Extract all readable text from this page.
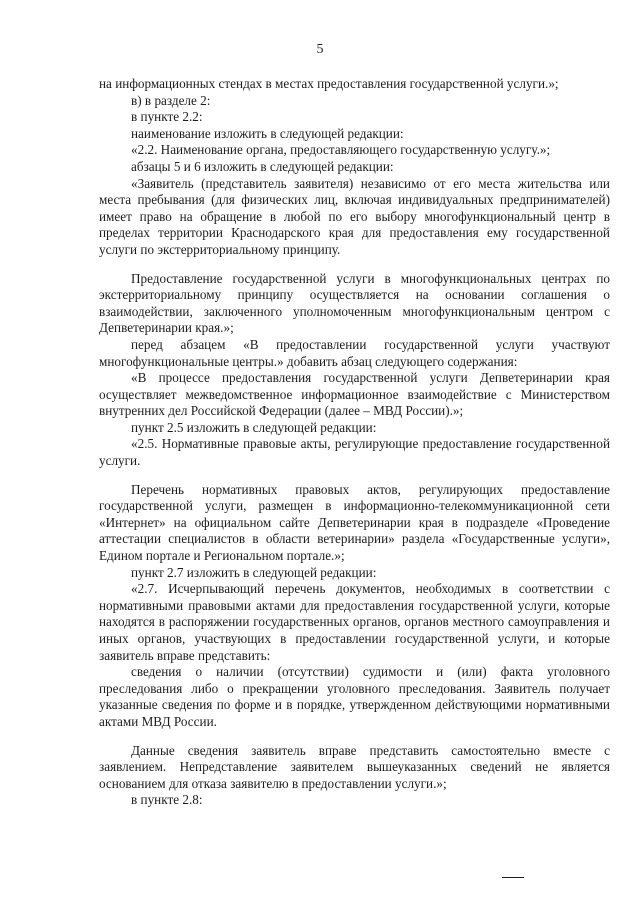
5

на информационных стендах в местах предоставления государственной услуги.»;

в) в разделе 2:

в пункте 2.2:

наименование изложить в следующей редакции:

«2.2. Наименование органа, предоставляющего государственную услугу.»;

абзацы 5 и 6 изложить в следующей редакции:

«Заявитель (представитель заявителя) независимо от его места жительства или места пребывания (для физических лиц, включая индивидуальных предпринимателей) имеет право на обращение в любой по его выбору многофункциональный центр в пределах территории Краснодарского края для предоставления ему государственной услуги по экстерриториальному принципу.

Предоставление государственной услуги в многофункциональных центрах по экстерриториальному принципу осуществляется на основании соглашения о взаимодействии, заключенного уполномоченным многофункциональным центром с Депветеринарии края.»;

перед абзацем «В предоставлении государственной услуги участвуют многофункциональные центры.» добавить абзац следующего содержания:

«В процессе предоставления государственной услуги Депветеринарии края осуществляет межведомственное информационное взаимодействие с Министерством внутренних дел Российской Федерации (далее – МВД России).»;

пункт 2.5 изложить в следующей редакции:

«2.5. Нормативные правовые акты, регулирующие предоставление государственной услуги.

Перечень нормативных правовых актов, регулирующих предоставление государственной услуги, размещен в информационно-телекоммуникационной сети «Интернет» на официальном сайте Депветеринарии края в подразделе «Проведение аттестации специалистов в области ветеринарии» раздела «Государственные услуги», Едином портале и Региональном портале.»;

пункт 2.7 изложить в следующей редакции:

«2.7. Исчерпывающий перечень документов, необходимых в соответствии с нормативными правовыми актами для предоставления государственной услуги, которые находятся в распоряжении государственных органов, органов местного самоуправления и иных органов, участвующих в предоставлении государственной услуги, и которые заявитель вправе представить:

сведения о наличии (отсутствии) судимости и (или) факта уголовного преследования либо о прекращении уголовного преследования. Заявитель получает указанные сведения по форме и в порядке, утвержденном действующими нормативными актами МВД России.

Данные сведения заявитель вправе представить самостоятельно вместе с заявлением. Непредставление заявителем вышеуказанных сведений не является основанием для отказа заявителю в предоставлении услуги.»;

в пункте 2.8:
